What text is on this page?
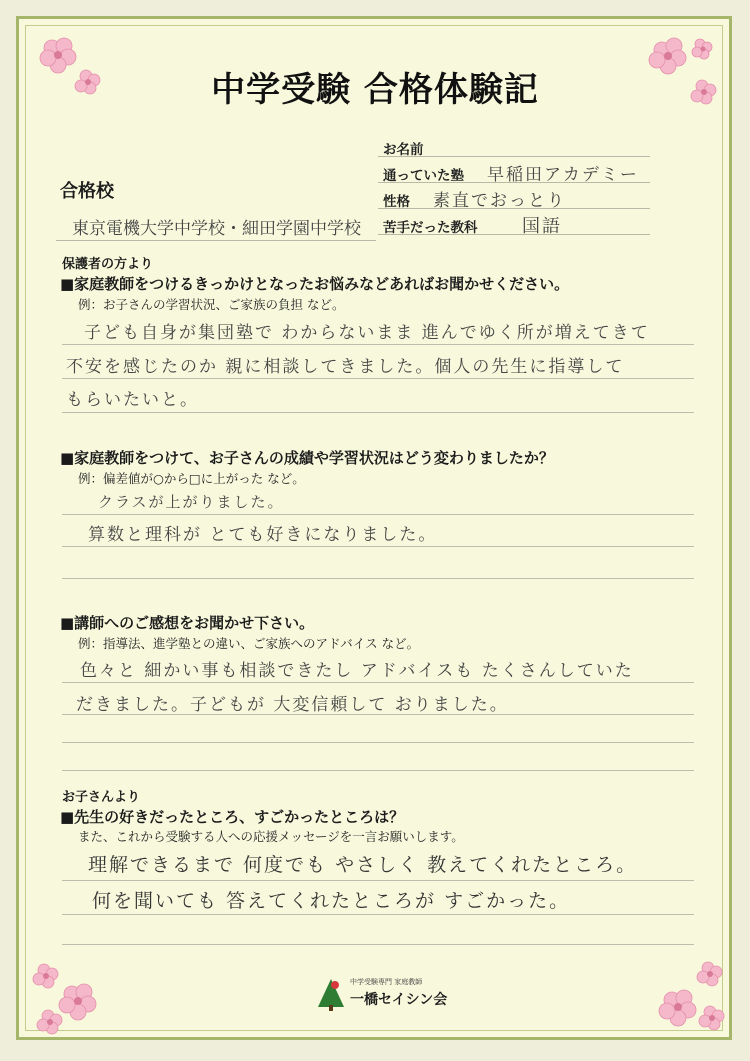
中学受験 合格体験記
お名前
通っていた塾 早稲田アカデミー
性格 素直でおっとり
苦手だった教科 国語
合格校
東京電機大学中学校・細田学園中学校
保護者の方より
■家庭教師をつけるきっかけとなったお悩みなどあればお聞かせください。
例：お子さんの学習状況、ご家族の負担 など。
子ども自身が集団塾で わからないまま 進んでゆく所が増えてきて
不安を感じたのか 親に相談してきました。個人の先生に指導して
もらいたいと。
■家庭教師をつけて、お子さんの成績や学習状況はどう変わりましたか？
例：偏差値が○から□に上がった など。
クラスが上がりました。
算数と理科が とても好きになりました。
■講師へのご感想をお聞かせ下さい。
例：指導法、進学塾との違い、ご家族へのアドバイス など。
色々と 細かい事も相談できたし アドバイスも たくさんしていた
だきました。子どもが 大変信頼して おりました。
お子さんより
■先生の好きだったところ、すごかったところは？
また、これから受験する人への応援メッセージを一言お願いします。
理解できるまで 何度でも やさしく 教えてくれたところ。
何を聞いても 答えてくれたところが すごかった。
中学受験専門 家庭教師
一橋セイシン会
